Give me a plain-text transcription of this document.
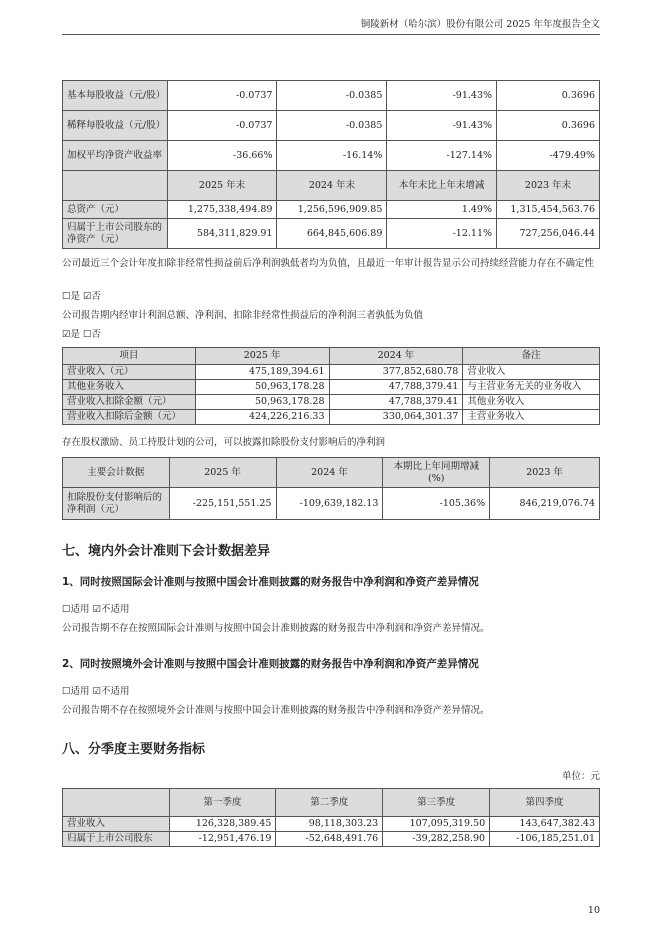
铜陵新材（哈尔滨）股份有限公司 2025 年年度报告全文
基本每股收益（元/股）	-0.0737	-0.0385	-91.43%	0.3696
稀释每股收益（元/股）	-0.0737	-0.0385	-91.43%	0.3696
加权平均净资产收益率	-36.66%	-16.14%	-127.14%	-479.49%
	2025 年末	2024 年末	本年末比上年末增减	2023 年末
总资产（元）	1,275,338,494.89	1,256,596,909.85	1.49%	1,315,454,563.76
归属于上市公司股东的净资产（元）	584,311,829.91	664,845,606.89	-12.11%	727,256,046.44
公司最近三个会计年度扣除非经常性损益前后净利润孰低者均为负值，且最近一年审计报告显示公司持续经营能力存在不确定性
☐是 ☑否
公司报告期内经审计利润总额、净利润、扣除非经常性损益后的净利润三者孰低为负值
☑是 ☐否
项目	2025 年	2024 年	备注
营业收入（元）	475,189,394.61	377,852,680.78	营业收入
其他业务收入	50,963,178.28	47,788,379.41	与主营业务无关的业务收入
营业收入扣除金额（元）	50,963,178.28	47,788,379.41	其他业务收入
营业收入扣除后金额（元）	424,226,216.33	330,064,301.37	主营业务收入
存在股权激励、员工持股计划的公司，可以披露扣除股份支付影响后的净利润
主要会计数据	2025 年	2024 年	本期比上年同期增减(%)	2023 年
扣除股份支付影响后的净利润（元）	-225,151,551.25	-109,639,182.13	-105.36%	846,219,076.74
七、境内外会计准则下会计数据差异
1、同时按照国际会计准则与按照中国会计准则披露的财务报告中净利润和净资产差异情况
☐适用 ☑不适用
公司报告期不存在按照国际会计准则与按照中国会计准则披露的财务报告中净利润和净资产差异情况。
2、同时按照境外会计准则与按照中国会计准则披露的财务报告中净利润和净资产差异情况
☐适用 ☑不适用
公司报告期不存在按照境外会计准则与按照中国会计准则披露的财务报告中净利润和净资产差异情况。
八、分季度主要财务指标
单位：元
	第一季度	第二季度	第三季度	第四季度
营业收入	126,328,389.45	98,118,303.23	107,095,319.50	143,647,382.43
归属于上市公司股东	-12,951,476.19	-52,648,491.76	-39,282,258.90	-106,185,251.01
10
